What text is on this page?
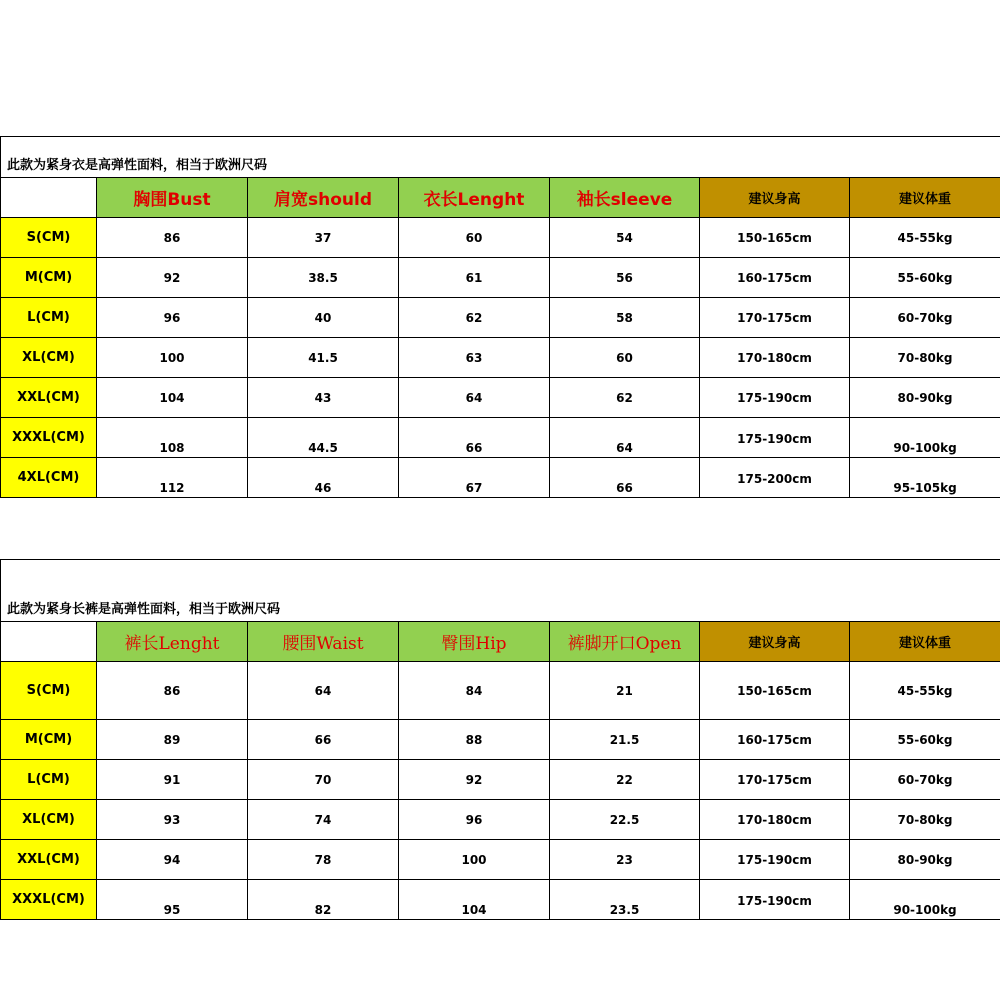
此款为紧身衣是高弹性面料，相当于欧洲尺码						
	胸围Bust	肩宽should	衣长Lenght	袖长sleeve	建议身高	建议体重
S(CM)	86	37	60	54	150-165cm	45-55kg
M(CM)	92	38.5	61	56	160-175cm	55-60kg
L(CM)	96	40	62	58	170-175cm	60-70kg
XL(CM)	100	41.5	63	60	170-180cm	70-80kg
XXL(CM)	104	43	64	62	175-190cm	80-90kg
XXXL(CM)	108	44.5	66	64	175-190cm	90-100kg
4XL(CM)	112	46	67	66	175-200cm	95-105kg
此款为紧身长裤是高弹性面料，相当于欧洲尺码						
	裤长Lenght	腰围Waist	臀围Hip	裤脚开口Open	建议身高	建议体重
S(CM)	86	64	84	21	150-165cm	45-55kg
M(CM)	89	66	88	21.5	160-175cm	55-60kg
L(CM)	91	70	92	22	170-175cm	60-70kg
XL(CM)	93	74	96	22.5	170-180cm	70-80kg
XXL(CM)	94	78	100	23	175-190cm	80-90kg
XXXL(CM)	95	82	104	23.5	175-190cm	90-100kg
